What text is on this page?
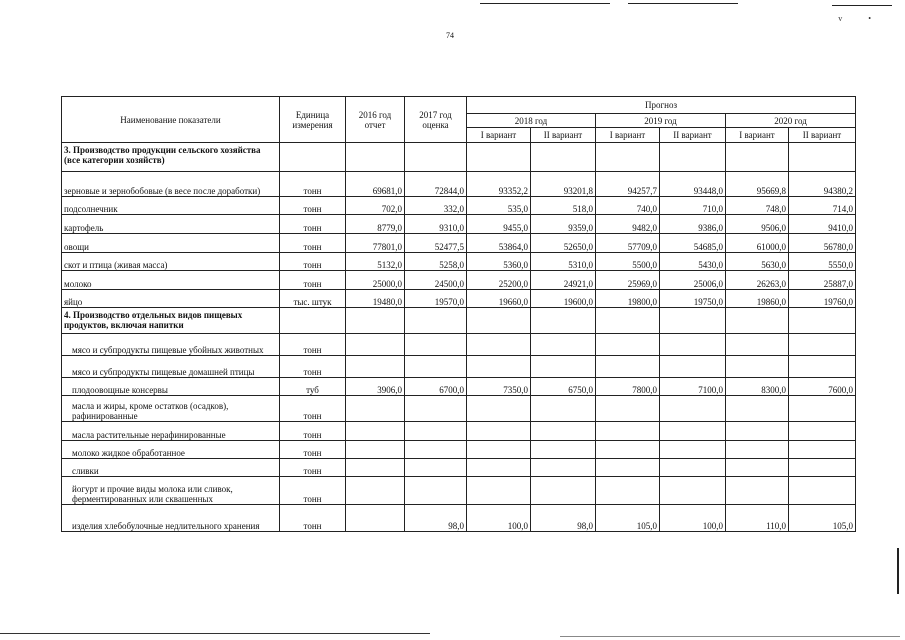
v •
74
Наименование показатели	Единица измерения	2016 год отчет	2017 год оценка	Прогноз					
				2018 год		2019 год		2020 год	
				I вариант	II вариант	I вариант	II вариант	I вариант	II вариант
3. Производство продукции сельского хозяйства (все категории хозяйств)									
зерновые и зернобобовые (в весе после доработки)	тонн	69681,0	72844,0	93352,2	93201,8	94257,7	93448,0	95669,8	94380,2
подсолнечник	тонн	702,0	332,0	535,0	518,0	740,0	710,0	748,0	714,0
картофель	тонн	8779,0	9310,0	9455,0	9359,0	9482,0	9386,0	9506,0	9410,0
овощи	тонн	77801,0	52477,5	53864,0	52650,0	57709,0	54685,0	61000,0	56780,0
скот и птица (живая масса)	тонн	5132,0	5258,0	5360,0	5310,0	5500,0	5430,0	5630,0	5550,0
молоко	тонн	25000,0	24500,0	25200,0	24921,0	25969,0	25006,0	26263,0	25887,0
яйцо	тыс. штук	19480,0	19570,0	19660,0	19600,0	19800,0	19750,0	19860,0	19760,0
4. Производство отдельных видов пищевых продуктов, включая напитки									
мясо и субпродукты пищевые убойных животных	тонн								
мясо и субпродукты пищевые домашней птицы	тонн								
плодоовощные консервы	туб	3906,0	6700,0	7350,0	6750,0	7800,0	7100,0	8300,0	7600,0
масла и жиры, кроме остатков (осадков), рафинированные	тонн								
масла растительные нерафинированные	тонн								
молоко жидкое обработанное	тонн								
сливки	тонн								
йогурт и прочие виды молока или сливок, ферментированных или сквашенных	тонн								
изделия хлебобулочные недлительного хранения	тонн		98,0	100,0	98,0	105,0	100,0	110,0	105,0
